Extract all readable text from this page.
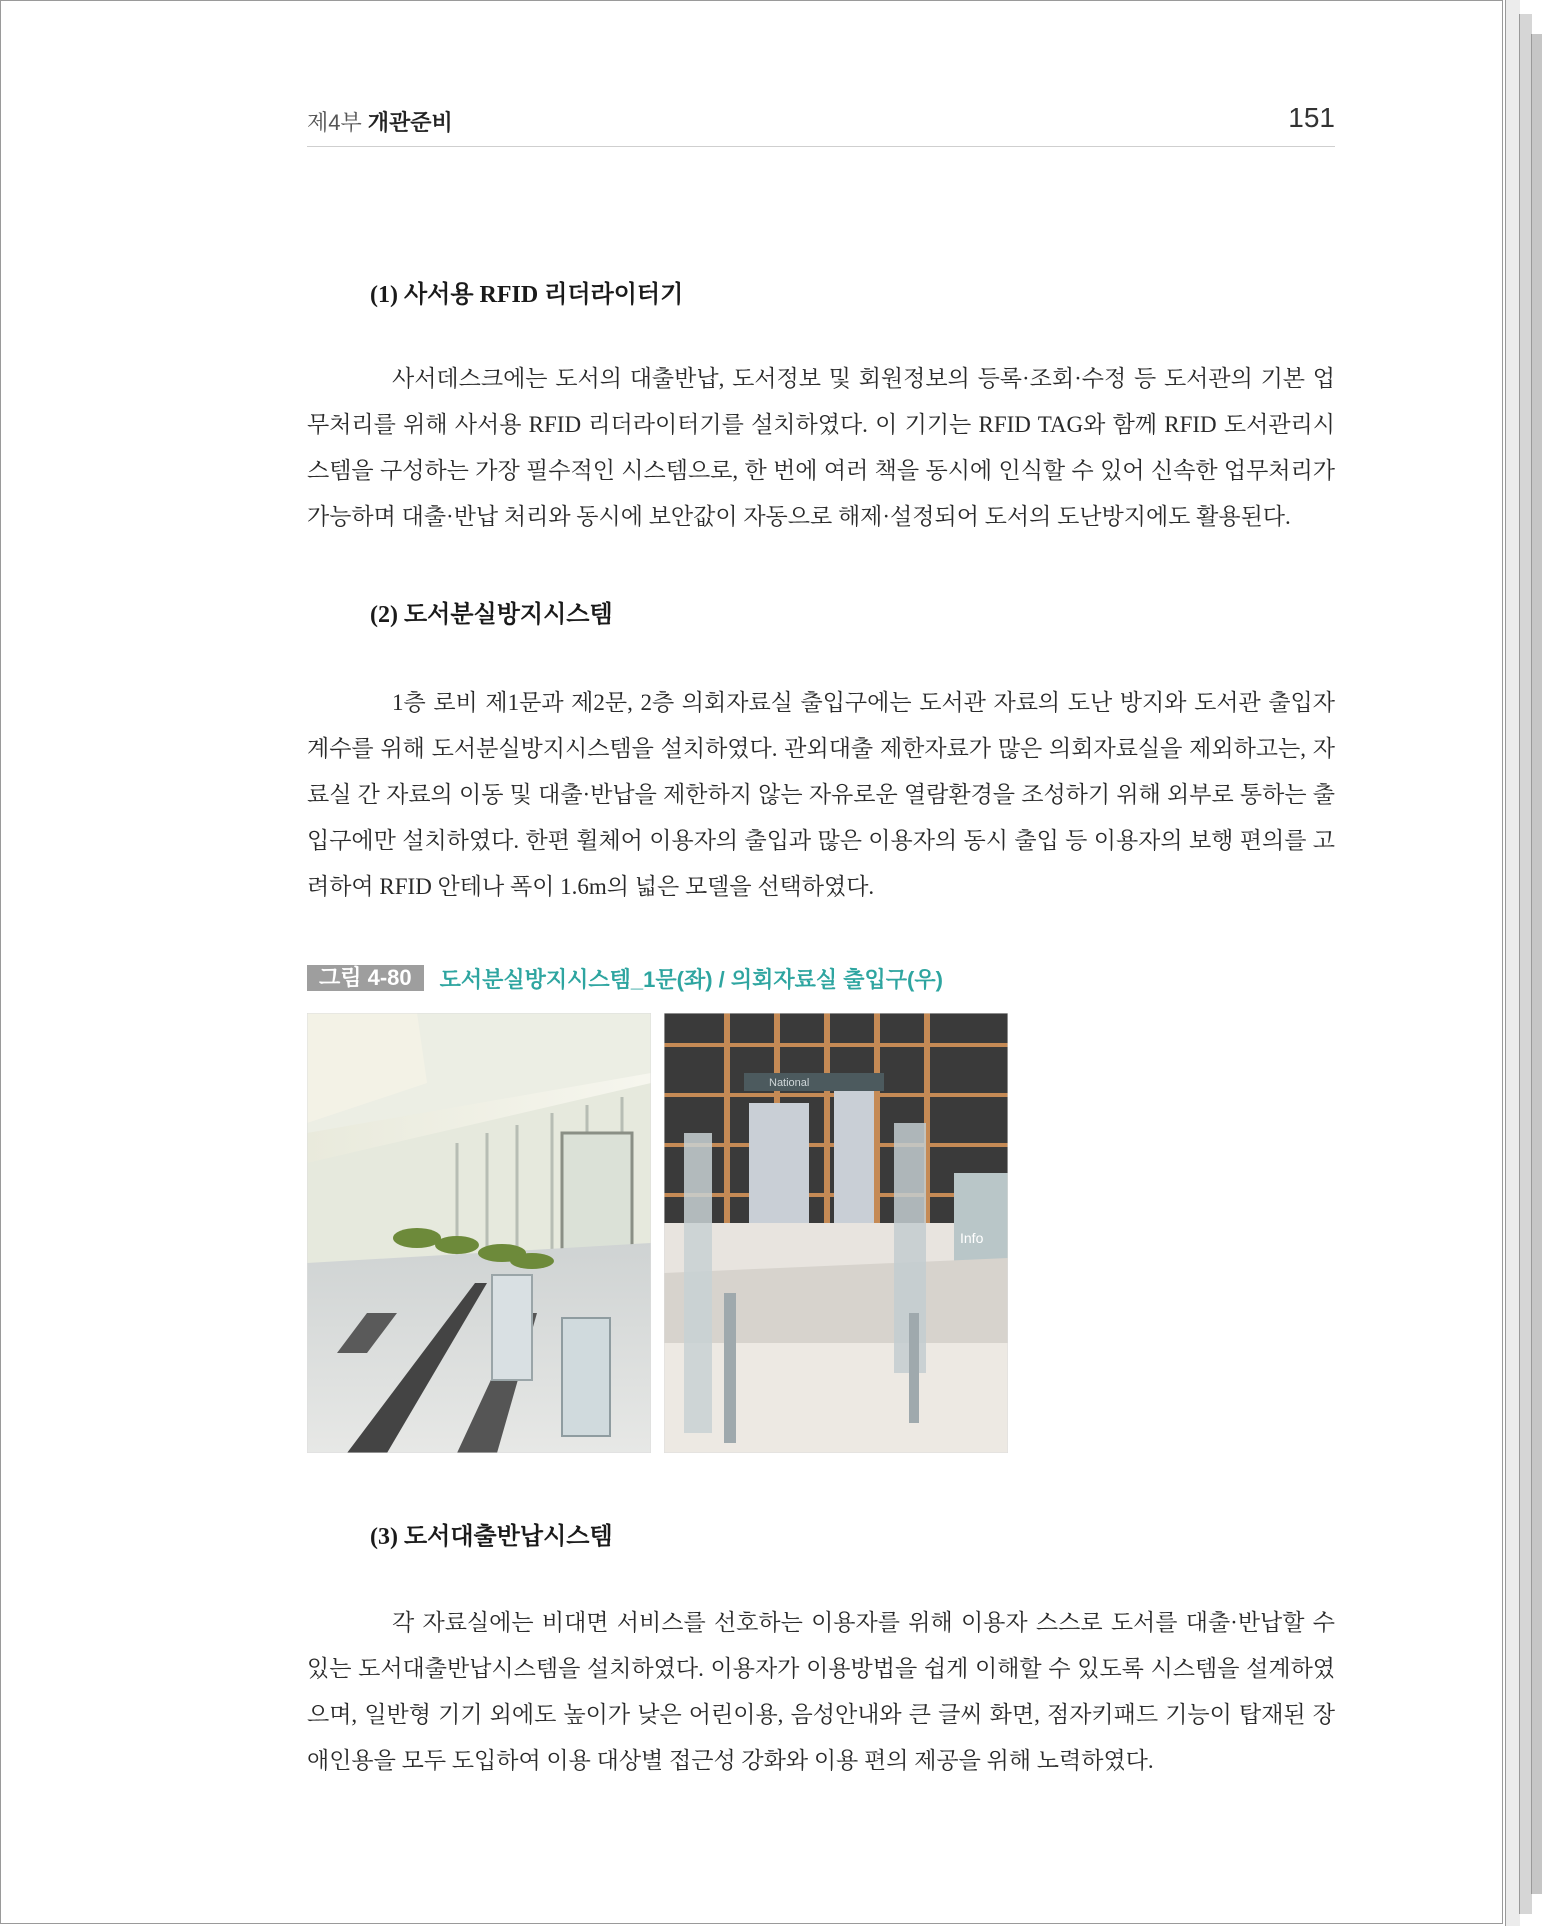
제4부 개관준비	151
(1) 사서용 RFID 리더라이터기

사서데스크에는 도서의 대출반납, 도서정보 및 회원정보의 등록·조회·수정 등 도서관의 기본 업무처리를 위해 사서용 RFID 리더라이터기를 설치하였다. 이 기기는 RFID TAG와 함께 RFID 도서관리시스템을 구성하는 가장 필수적인 시스템으로, 한 번에 여러 책을 동시에 인식할 수 있어 신속한 업무처리가 가능하며 대출·반납 처리와 동시에 보안값이 자동으로 해제·설정되어 도서의 도난방지에도 활용된다.

(2) 도서분실방지시스템

1층 로비 제1문과 제2문, 2층 의회자료실 출입구에는 도서관 자료의 도난 방지와 도서관 출입자 계수를 위해 도서분실방지시스템을 설치하였다. 관외대출 제한자료가 많은 의회자료실을 제외하고는, 자료실 간 자료의 이동 및 대출·반납을 제한하지 않는 자유로운 열람환경을 조성하기 위해 외부로 통하는 출입구에만 설치하였다. 한편 휠체어 이용자의 출입과 많은 이용자의 동시 출입 등 이용자의 보행 편의를 고려하여 RFID 안테나 폭이 1.6m의 넓은 모델을 선택하였다.

그림 4-80	도서분실방지시스템_1문(좌) / 의회자료실 출입구(우)
National
Info
(3) 도서대출반납시스템

각 자료실에는 비대면 서비스를 선호하는 이용자를 위해 이용자 스스로 도서를 대출·반납할 수 있는 도서대출반납시스템을 설치하였다. 이용자가 이용방법을 쉽게 이해할 수 있도록 시스템을 설계하였으며, 일반형 기기 외에도 높이가 낮은 어린이용, 음성안내와 큰 글씨 화면, 점자키패드 기능이 탑재된 장애인용을 모두 도입하여 이용 대상별 접근성 강화와 이용 편의 제공을 위해 노력하였다.
